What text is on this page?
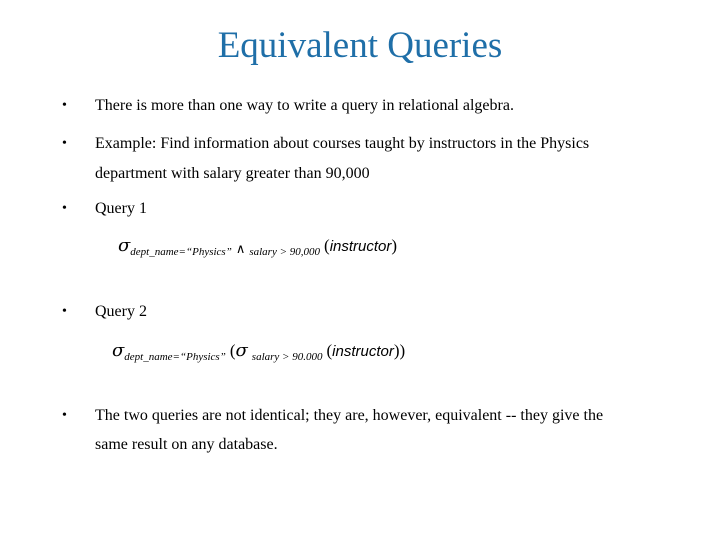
Equivalent Queries
• There is more than one way to write a query in relational algebra.
• Example: Find information about courses taught by instructors in the Physics
department with salary greater than 90,000
• Query 1
$\sigma_{dept\_name=“Physics”}$ ∧ $_{salary > 90,000}$ (instructor)
• Query 2
$\sigma_{dept\_name=“Physics”}$ (σ $_{salary > 90.000}$ (instructor))
• The two queries are not identical; they are, however, equivalent -- they give the
same result on any database.
